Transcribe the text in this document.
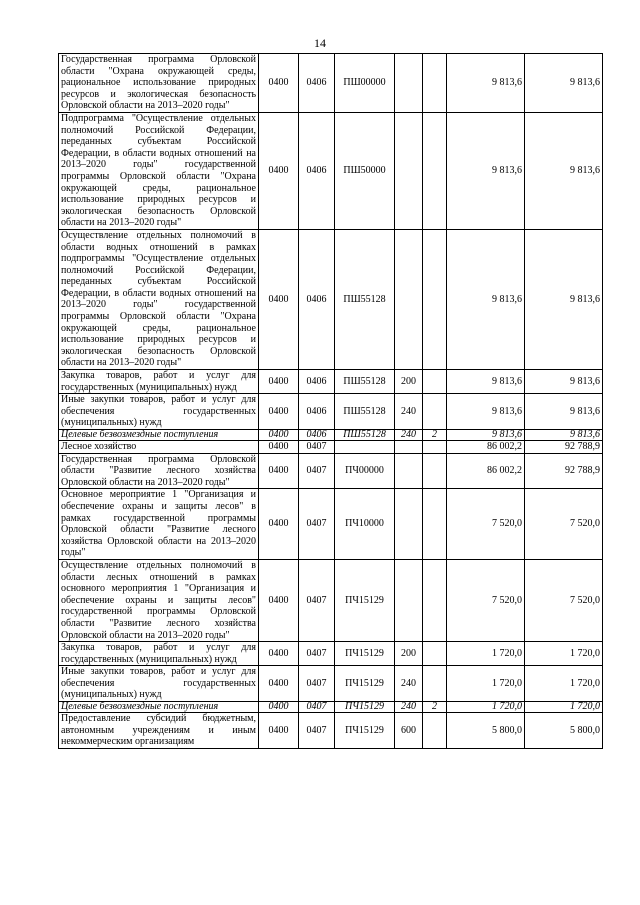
14
Государственная программа Орловской области "Охрана окружающей среды, рациональное использование природных ресурсов и экологическая безопасность Орловской области на 2013–2020 годы"	0400	0406	ПШ00000			9 813,6	9 813,6
Подпрограмма "Осуществление отдельных полномочий Российской Федерации, переданных субъектам Российской Федерации, в области водных отношений на 2013–2020 годы" государственной программы Орловской области "Охрана окружающей среды, рациональное использование природных ресурсов и экологическая безопасность Орловской области на 2013–2020 годы"	0400	0406	ПШ50000			9 813,6	9 813,6
Осуществление отдельных полномочий в области водных отношений в рамках подпрограммы "Осуществление отдельных полномочий Российской Федерации, переданных субъектам Российской Федерации, в области водных отношений на 2013–2020 годы" государственной программы Орловской области "Охрана окружающей среды, рациональное использование природных ресурсов и экологическая безопасность Орловской области на 2013–2020 годы"	0400	0406	ПШ55128			9 813,6	9 813,6
Закупка товаров, работ и услуг для государственных (муниципальных) нужд	0400	0406	ПШ55128	200		9 813,6	9 813,6
Иные закупки товаров, работ и услуг для обеспечения государственных (муниципальных) нужд	0400	0406	ПШ55128	240		9 813,6	9 813,6
Целевые безвозмездные поступления	0400	0406	ПШ55128	240	2	9 813,6	9 813,6
Лесное хозяйство	0400	0407				86 002,2	92 788,9
Государственная программа Орловской области "Развитие лесного хозяйства Орловской области на 2013–2020 годы"	0400	0407	ПЧ00000			86 002,2	92 788,9
Основное мероприятие 1 "Организация и обеспечение охраны и защиты лесов" в рамках государственной программы Орловской области "Развитие лесного хозяйства Орловской области на 2013–2020 годы"	0400	0407	ПЧ10000			7 520,0	7 520,0
Осуществление отдельных полномочий в области лесных отношений в рамках основного мероприятия 1 "Организация и обеспечение охраны и защиты лесов" государственной программы Орловской области "Развитие лесного хозяйства Орловской области на 2013–2020 годы"	0400	0407	ПЧ15129			7 520,0	7 520,0
Закупка товаров, работ и услуг для государственных (муниципальных) нужд	0400	0407	ПЧ15129	200		1 720,0	1 720,0
Иные закупки товаров, работ и услуг для обеспечения государственных (муниципальных) нужд	0400	0407	ПЧ15129	240		1 720,0	1 720,0
Целевые безвозмездные поступления	0400	0407	ПЧ15129	240	2	1 720,0	1 720,0
Предоставление субсидий бюджетным, автономным учреждениям и иным некоммерческим организациям	0400	0407	ПЧ15129	600		5 800,0	5 800,0
